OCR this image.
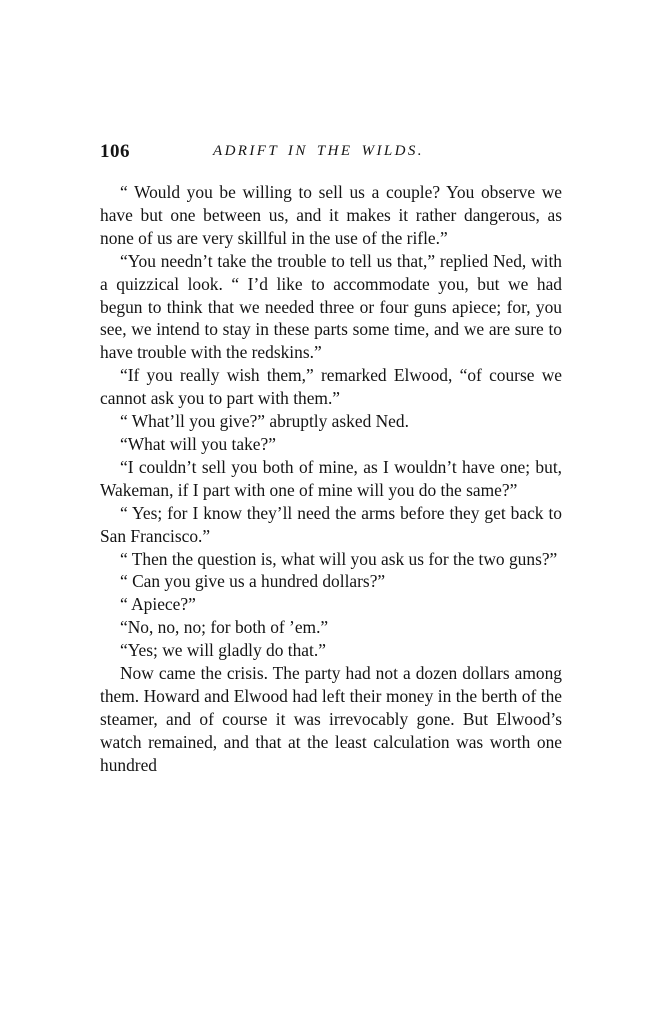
106	ADRIFT IN THE WILDS.

“ Would you be willing to sell us a couple? You observe we have but one between us, and it makes it rather dangerous, as none of us are very skillful in the use of the rifle.”

“You needn’t take the trouble to tell us that,” replied Ned, with a quizzical look. “ I’d like to accommodate you, but we had begun to think that we needed three or four guns apiece; for, you see, we intend to stay in these parts some time, and we are sure to have trouble with the redskins.”

“If you really wish them,” remarked Elwood, “of course we cannot ask you to part with them.”

“ What’ll you give?” abruptly asked Ned.

“What will you take?”

“I couldn’t sell you both of mine, as I wouldn’t have one; but, Wakeman, if I part with one of mine will you do the same?”

“ Yes; for I know they’ll need the arms before they get back to San Francisco.”

“ Then the question is, what will you ask us for the two guns?”

“ Can you give us a hundred dollars?”

“ Apiece?”

“No, no, no; for both of ’em.”

“Yes; we will gladly do that.”

Now came the crisis. The party had not a dozen dollars among them. Howard and Elwood had left their money in the berth of the steamer, and of course it was irrevocably gone. But Elwood’s watch remained, and that at the least calculation was worth one hundred
